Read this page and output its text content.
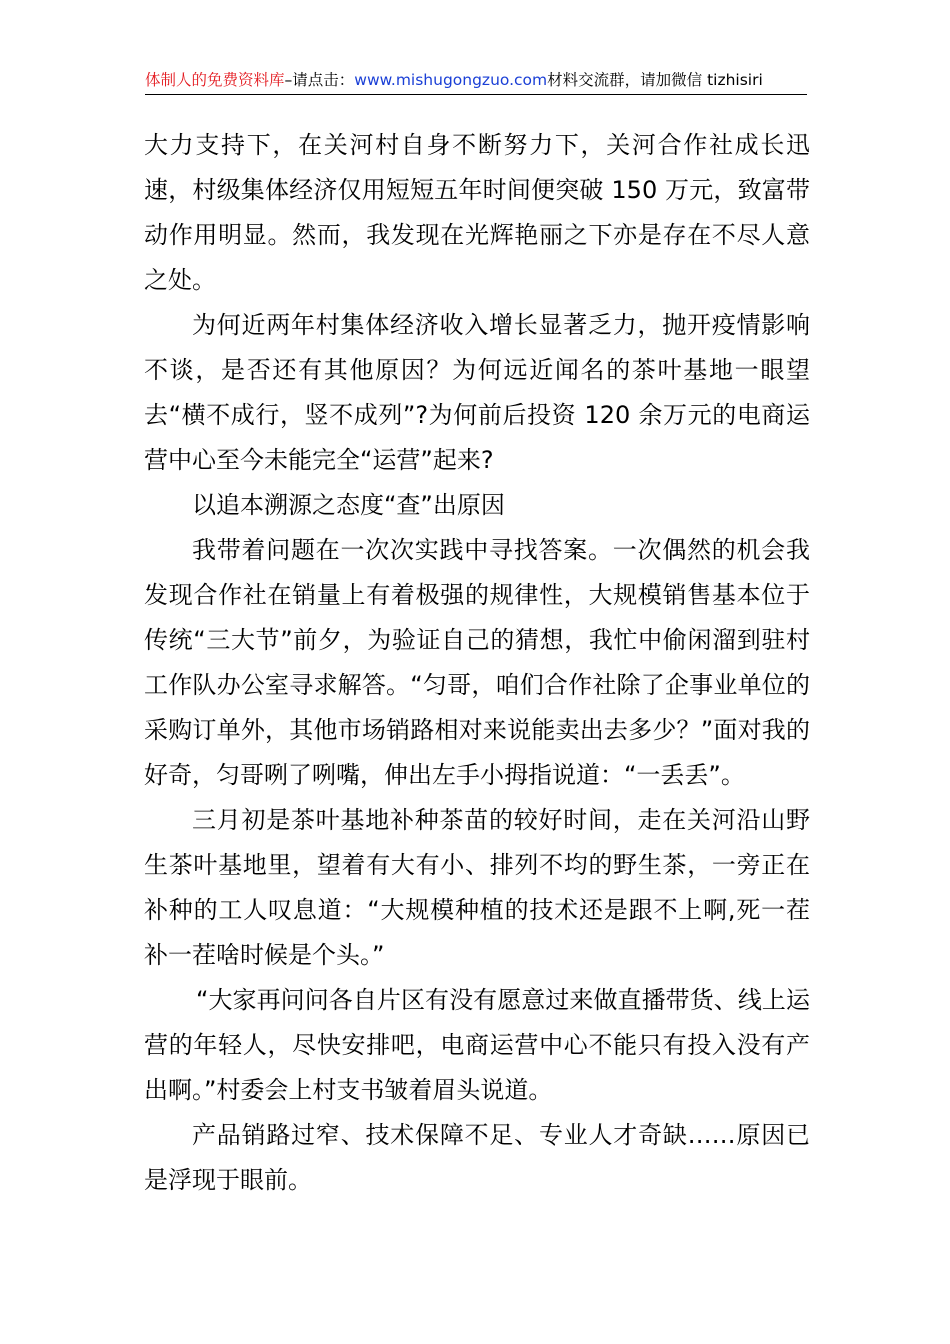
体制人的免费资料库–请点击：www.mishugongzuo.com材料交流群，请加微信 tizhisiri

大力支持下，在关河村自身不断努力下，关河合作社成长迅速，村级集体经济仅用短短五年时间便突破 150 万元，致富带动作用明显。然而，我发现在光辉艳丽之下亦是存在不尽人意之处。

为何近两年村集体经济收入增长显著乏力，抛开疫情影响不谈，是否还有其他原因？为何远近闻名的茶叶基地一眼望去“横不成行，竖不成列”?为何前后投资 120 余万元的电商运营中心至今未能完全“运营”起来?

以追本溯源之态度“查”出原因

我带着问题在一次次实践中寻找答案。一次偶然的机会我发现合作社在销量上有着极强的规律性，大规模销售基本位于传统“三大节”前夕，为验证自己的猜想，我忙中偷闲溜到驻村工作队办公室寻求解答。“匀哥，咱们合作社除了企事业单位的采购订单外，其他市场销路相对来说能卖出去多少？”面对我的好奇，匀哥咧了咧嘴，伸出左手小拇指说道：“一丢丢”。

三月初是茶叶基地补种茶苗的较好时间，走在关河沿山野生茶叶基地里，望着有大有小、排列不均的野生茶，一旁正在补种的工人叹息道：“大规模种植的技术还是跟不上啊,死一茬补一茬啥时候是个头。”

“大家再问问各自片区有没有愿意过来做直播带货、线上运营的年轻人，尽快安排吧，电商运营中心不能只有投入没有产出啊。”村委会上村支书皱着眉头说道。

产品销路过窄、技术保障不足、专业人才奇缺……原因已是浮现于眼前。
